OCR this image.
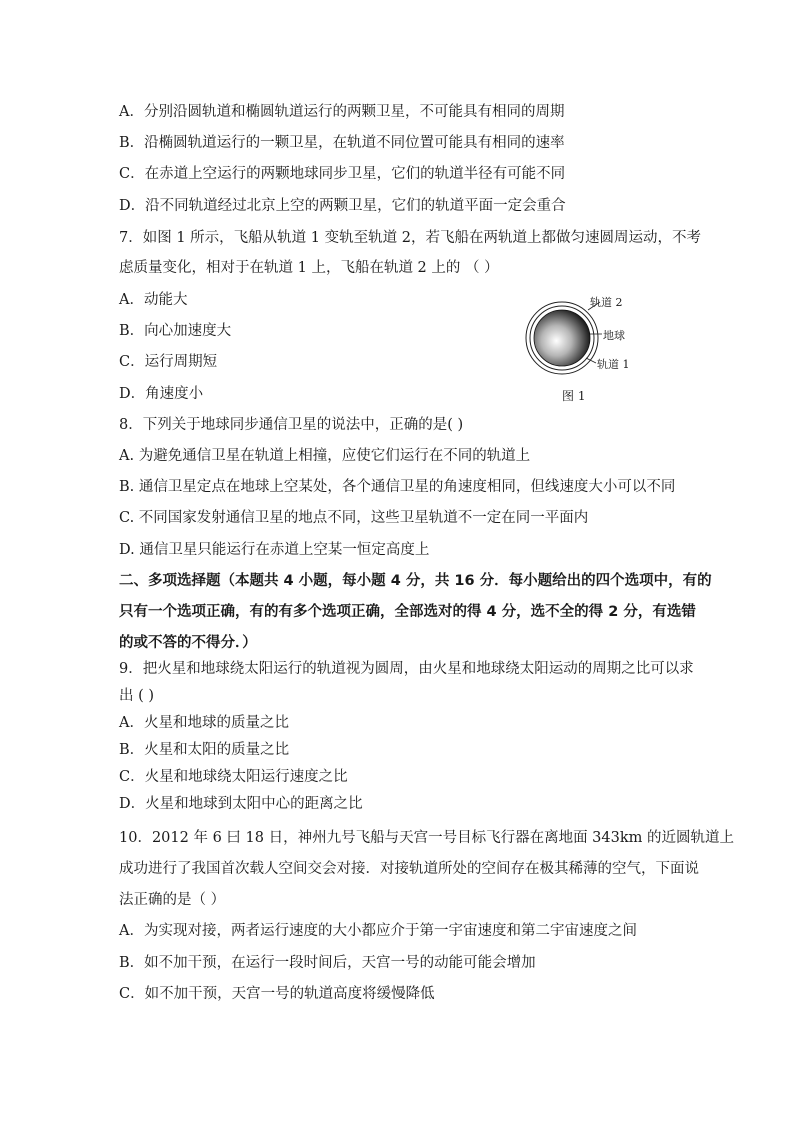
A．分别沿圆轨道和椭圆轨道运行的两颗卫星，不可能具有相同的周期
B．沿椭圆轨道运行的一颗卫星，在轨道不同位置可能具有相同的速率
C．在赤道上空运行的两颗地球同步卫星，它们的轨道半径有可能不同
D．沿不同轨道经过北京上空的两颗卫星，它们的轨道平面一定会重合
7．如图 1 所示，飞船从轨道 1 变轨至轨道 2，若飞船在两轨道上都做匀速圆周运动，不考
虑质量变化，相对于在轨道 1 上，飞船在轨道 2 上的 （ ）
A．动能大
B．向心加速度大
C．运行周期短
D．角速度小
轨道 2
地球
轨道 1
图 1
8．下列关于地球同步通信卫星的说法中，正确的是( )
A. 为避免通信卫星在轨道上相撞，应使它们运行在不同的轨道上
B. 通信卫星定点在地球上空某处，各个通信卫星的角速度相同，但线速度大小可以不同
C. 不同国家发射通信卫星的地点不同，这些卫星轨道不一定在同一平面内
D. 通信卫星只能运行在赤道上空某一恒定高度上
二、多项选择题（本题共 4 小题，每小题 4 分，共 16 分．每小题给出的四个选项中，有的
只有一个选项正确，有的有多个选项正确，全部选对的得 4 分，选不全的得 2 分，有选错
的或不答的不得分．）
9．把火星和地球绕太阳运行的轨道视为圆周，由火星和地球绕太阳运动的周期之比可以求
出 ( )
A．火星和地球的质量之比
B．火星和太阳的质量之比
C．火星和地球绕太阳运行速度之比
D．火星和地球到太阳中心的距离之比
10．2012 年 6 曰 18 日，神州九号飞船与天宫一号目标飞行器在离地面 343km 的近圆轨道上
成功进行了我国首次载人空间交会对接．对接轨道所处的空间存在极其稀薄的空气，下面说
法正确的是（ ）
A．为实现对接，两者运行速度的大小都应介于第一宇宙速度和第二宇宙速度之间
B．如不加干预，在运行一段时间后，天宫一号的动能可能会增加
C．如不加干预，天宫一号的轨道高度将缓慢降低
